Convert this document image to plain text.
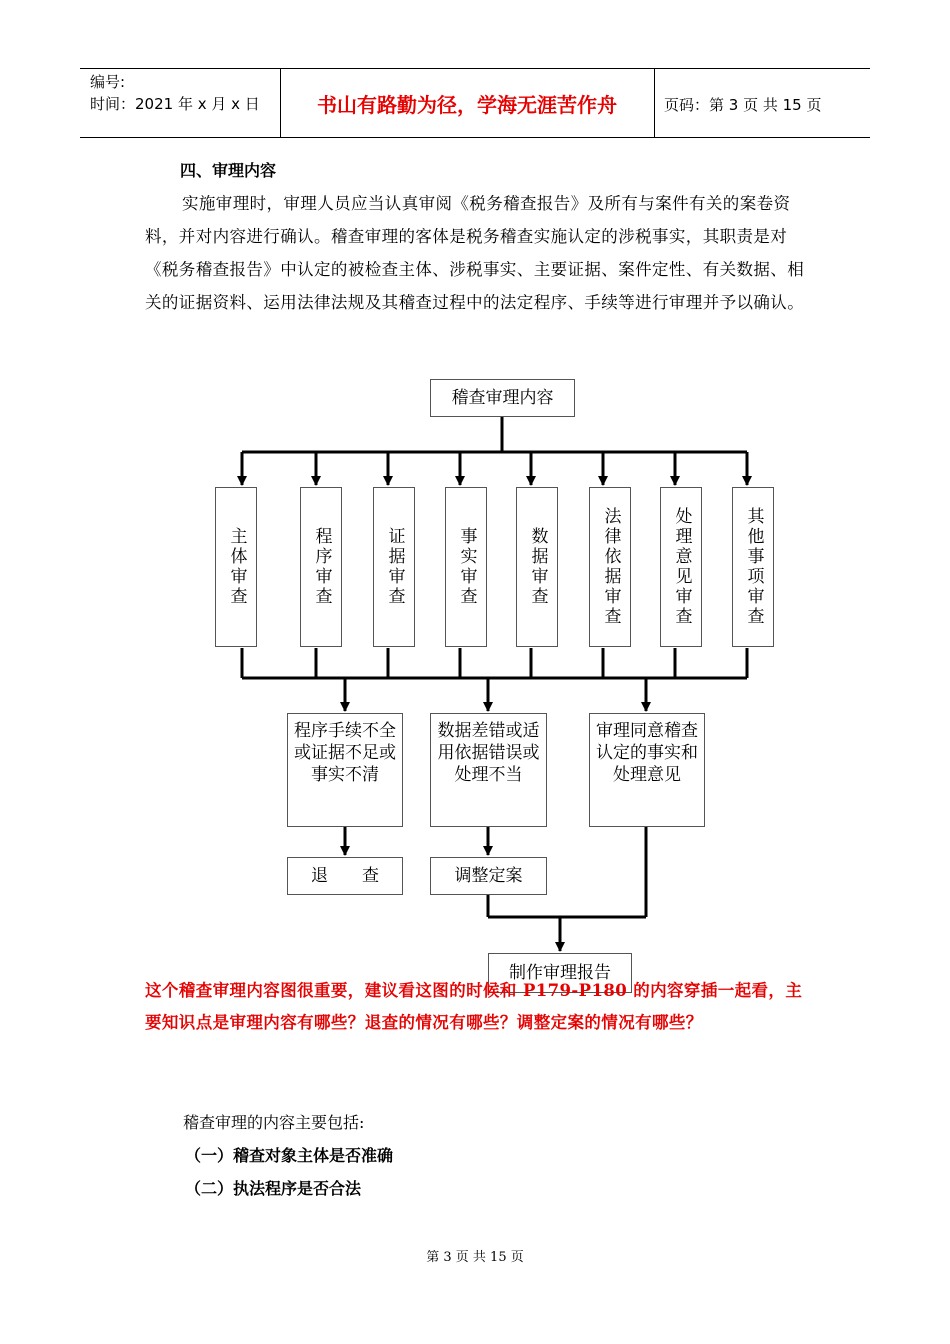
编号:
时间：2021 年 x 月 x 日	书山有路勤为径，学海无涯苦作舟	页码：第 3 页 共 15 页
四、审理内容
实施审理时，审理人员应当认真审阅《税务稽查报告》及所有与案件有关的案卷资料，并对内容进行确认。稽查审理的客体是税务稽查实施认定的涉税事实，其职责是对《税务稽查报告》中认定的被检查主体、涉税事实、主要证据、案件定性、有关数据、相关的证据资料、运用法律法规及其稽查过程中的法定程序、手续等进行审理并予以确认。
稽查审理内容
主体审查	程序审查	证据审查	事实审查	数据审查	法律依据审查	处理意见审查	其他事项审查
程序手续不全或证据不足或事实不清
数据差错或适用依据错误或处理不当
审理同意稽查认定的事实和处理意见
退　　查	调整定案
制作审理报告
这个稽查审理内容图很重要，建议看这图的时候和 P179-P180 的内容穿插一起看，主要知识点是审理内容有哪些？退查的情况有哪些？调整定案的情况有哪些？
稽查审理的内容主要包括:
（一）稽查对象主体是否准确
（二）执法程序是否合法
第 3 页 共 15 页
